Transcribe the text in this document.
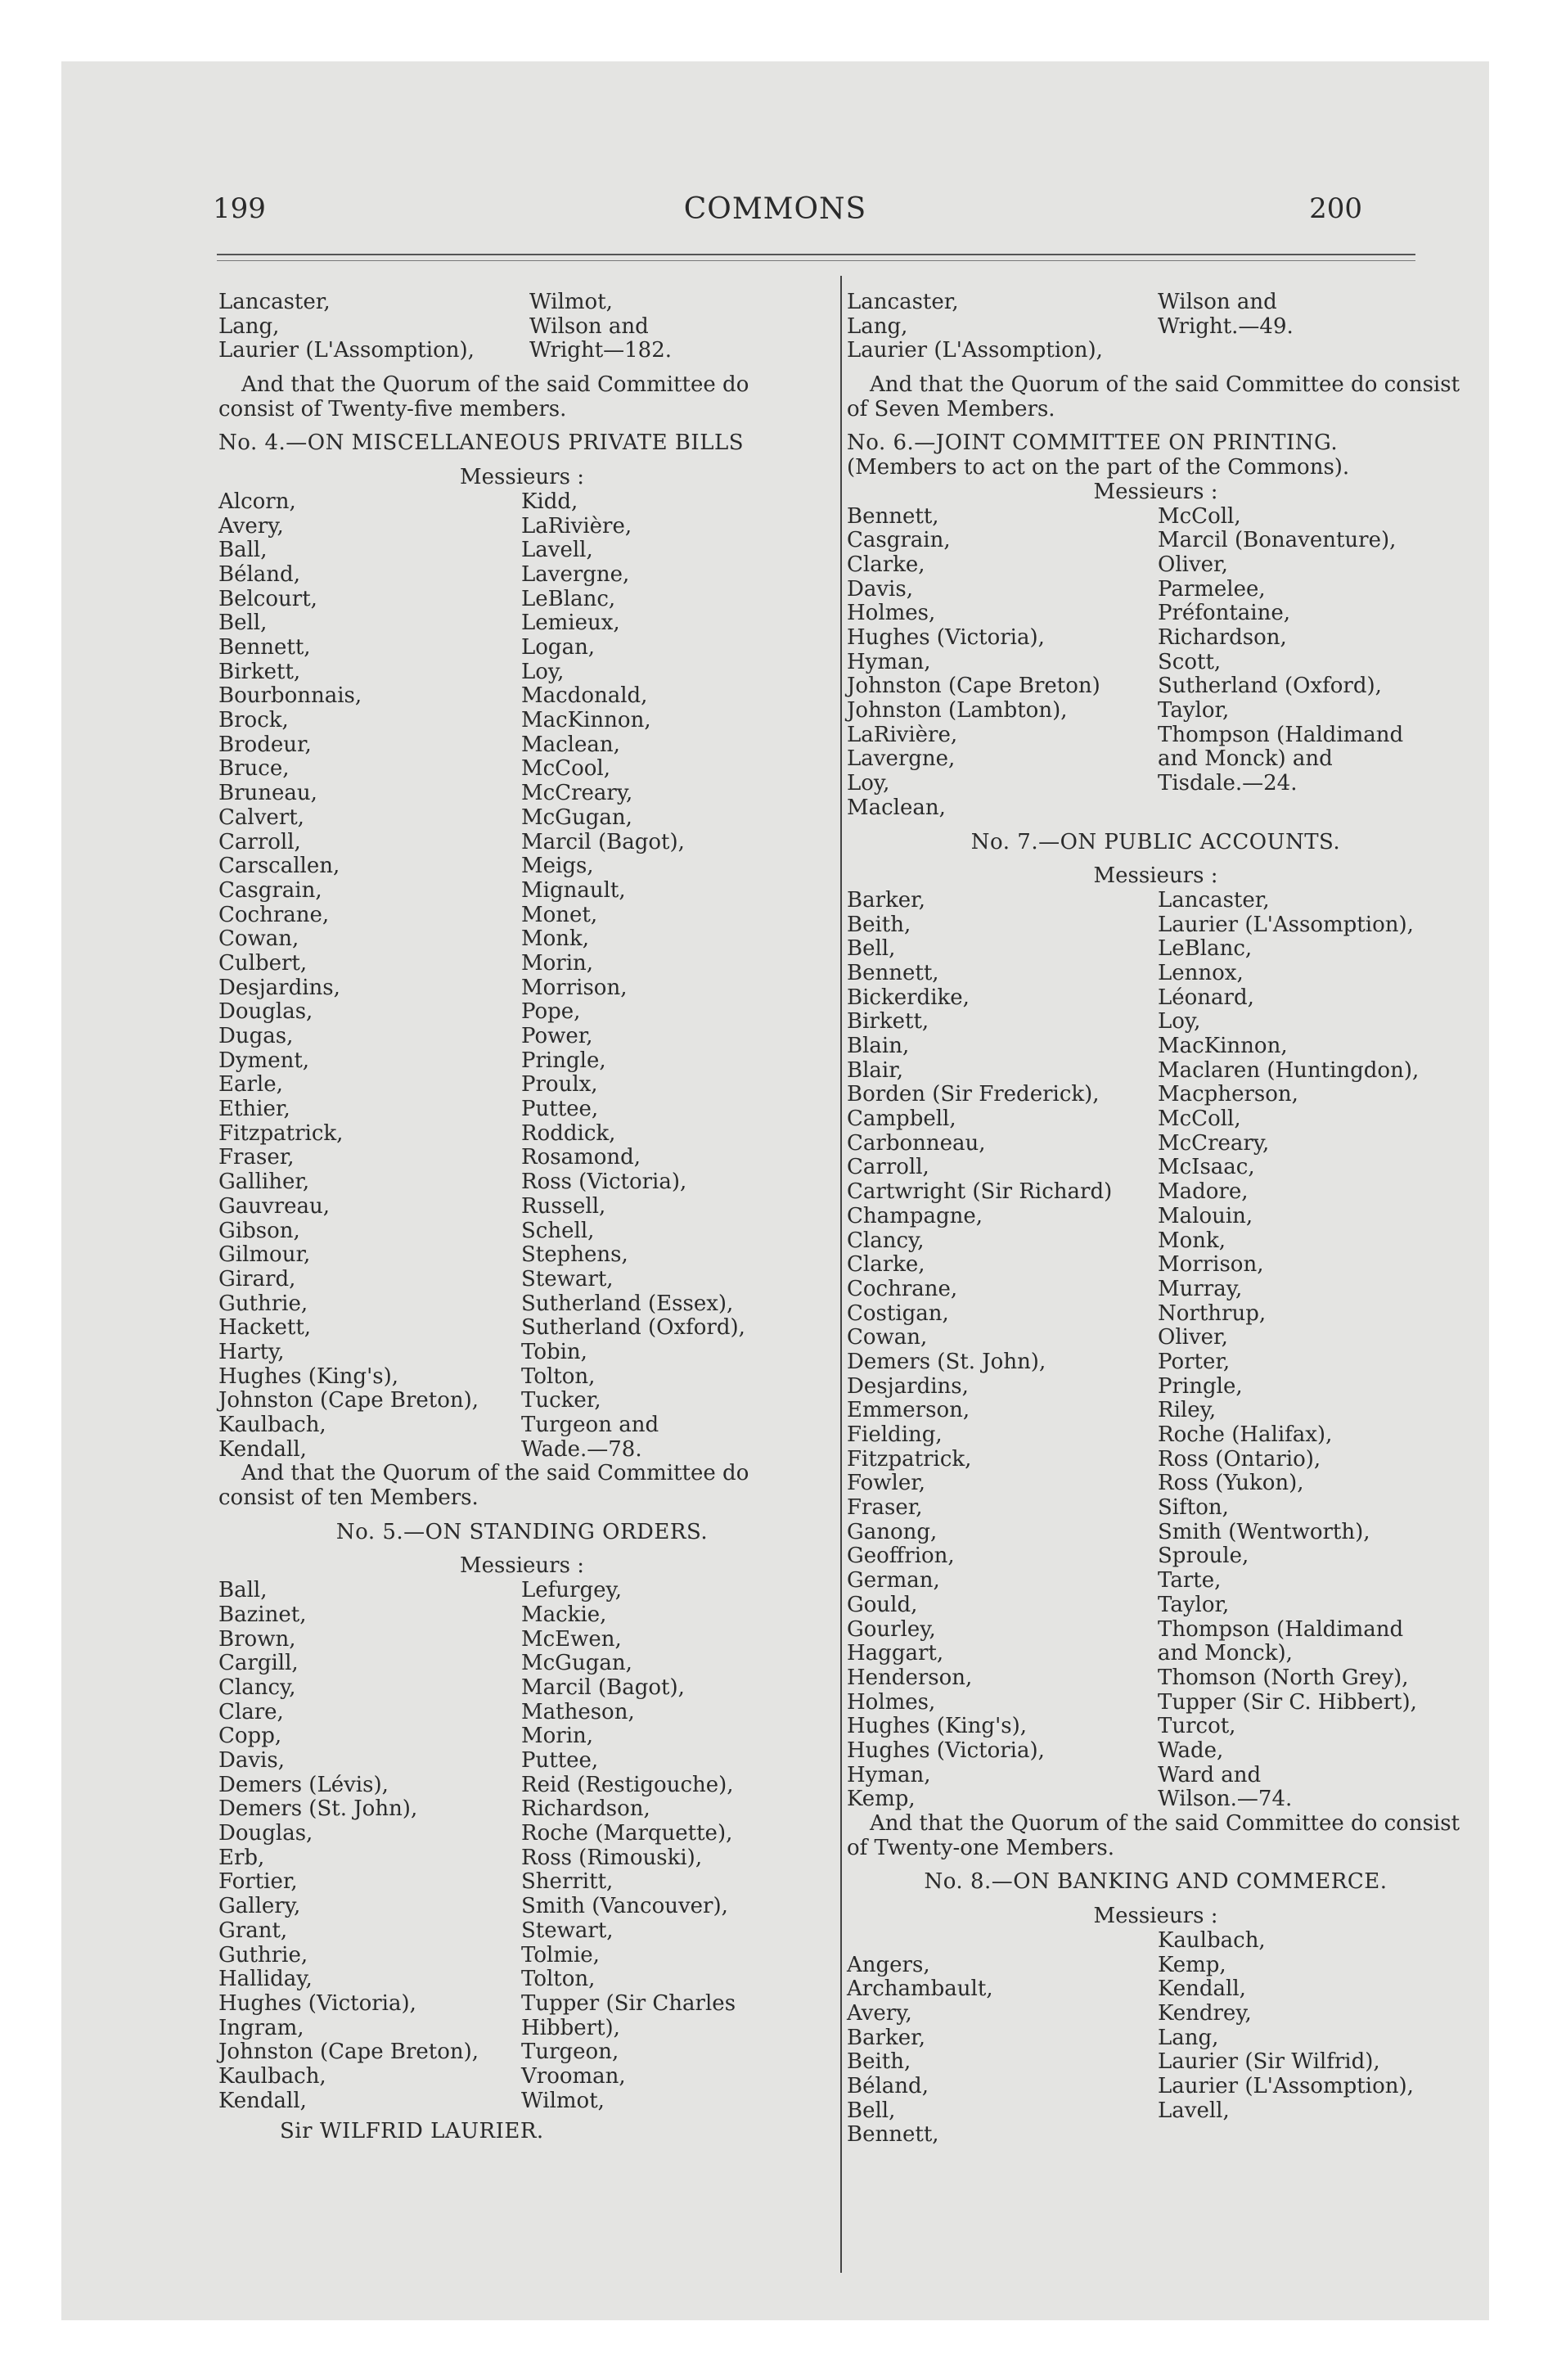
199	COMMONS	200
Lancaster,
Lang,
Laurier (L'Assomption),
Wilmot,
Wilson and
Wright—182.
And that the Quorum of the said Committee do consist of Twenty-five members.
No. 4.—ON MISCELLANEOUS PRIVATE BILLS
Messieurs :
Alcorn,
Avery,
Ball,
Béland,
Belcourt,
Bell,
Bennett,
Birkett,
Bourbonnais,
Brock,
Brodeur,
Bruce,
Bruneau,
Calvert,
Carroll,
Carscallen,
Casgrain,
Cochrane,
Cowan,
Culbert,
Desjardins,
Douglas,
Dugas,
Dyment,
Earle,
Ethier,
Fitzpatrick,
Fraser,
Galliher,
Gauvreau,
Gibson,
Gilmour,
Girard,
Guthrie,
Hackett,
Harty,
Hughes (King's),
Johnston (Cape Breton),
Kaulbach,
Kendall,
Kidd,
LaRivière,
Lavell,
Lavergne,
LeBlanc,
Lemieux,
Logan,
Loy,
Macdonald,
MacKinnon,
Maclean,
McCool,
McCreary,
McGugan,
Marcil (Bagot),
Meigs,
Mignault,
Monet,
Monk,
Morin,
Morrison,
Pope,
Power,
Pringle,
Proulx,
Puttee,
Roddick,
Rosamond,
Ross (Victoria),
Russell,
Schell,
Stephens,
Stewart,
Sutherland (Essex),
Sutherland (Oxford),
Tobin,
Tolton,
Tucker,
Turgeon and
Wade.—78.
And that the Quorum of the said Committee do consist of ten Members.
No. 5.—ON STANDING ORDERS.
Messieurs :
Ball,
Bazinet,
Brown,
Cargill,
Clancy,
Clare,
Copp,
Davis,
Demers (Lévis),
Demers (St. John),
Douglas,
Erb,
Fortier,
Gallery,
Grant,
Guthrie,
Halliday,
Hughes (Victoria),
Ingram,
Johnston (Cape Breton),
Kaulbach,
Kendall,
Lefurgey,
Mackie,
McEwen,
McGugan,
Marcil (Bagot),
Matheson,
Morin,
Puttee,
Reid (Restigouche),
Richardson,
Roche (Marquette),
Ross (Rimouski),
Sherritt,
Smith (Vancouver),
Stewart,
Tolmie,
Tolton,
Tupper (Sir Charles
Hibbert),
Turgeon,
Vrooman,
Wilmot,
Sir WILFRID LAURIER.
Lancaster,
Lang,
Laurier (L'Assomption),
Wilson and
Wright.—49.
And that the Quorum of the said Committee do consist of Seven Members.
No. 6.—JOINT COMMITTEE ON PRINTING.
(Members to act on the part of the Commons).
Messieurs :
Bennett,
Casgrain,
Clarke,
Davis,
Holmes,
Hughes (Victoria),
Hyman,
Johnston (Cape Breton)
Johnston (Lambton),
LaRivière,
Lavergne,
Loy,
Maclean,
McColl,
Marcil (Bonaventure),
Oliver,
Parmelee,
Préfontaine,
Richardson,
Scott,
Sutherland (Oxford),
Taylor,
Thompson (Haldimand
and Monck) and
Tisdale.—24.
No. 7.—ON PUBLIC ACCOUNTS.
Messieurs :
Barker,
Beith,
Bell,
Bennett,
Bickerdike,
Birkett,
Blain,
Blair,
Borden (Sir Frederick),
Campbell,
Carbonneau,
Carroll,
Cartwright (Sir Richard)
Champagne,
Clancy,
Clarke,
Cochrane,
Costigan,
Cowan,
Demers (St. John),
Desjardins,
Emmerson,
Fielding,
Fitzpatrick,
Fowler,
Fraser,
Ganong,
Geoffrion,
German,
Gould,
Gourley,
Haggart,
Henderson,
Holmes,
Hughes (King's),
Hughes (Victoria),
Hyman,
Kemp,
Lancaster,
Laurier (L'Assomption),
LeBlanc,
Lennox,
Léonard,
Loy,
MacKinnon,
Maclaren (Huntingdon),
Macpherson,
McColl,
McCreary,
McIsaac,
Madore,
Malouin,
Monk,
Morrison,
Murray,
Northrup,
Oliver,
Porter,
Pringle,
Riley,
Roche (Halifax),
Ross (Ontario),
Ross (Yukon),
Sifton,
Smith (Wentworth),
Sproule,
Tarte,
Taylor,
Thompson (Haldimand
and Monck),
Thomson (North Grey),
Tupper (Sir C. Hibbert),
Turcot,
Wade,
Ward and
Wilson.—74.
And that the Quorum of the said Committee do consist of Twenty-one Members.
No. 8.—ON BANKING AND COMMERCE.
Messieurs :
Angers,
Archambault,
Avery,
Barker,
Beith,
Béland,
Bell,
Bennett,
Kaulbach,
Kemp,
Kendall,
Kendrey,
Lang,
Laurier (Sir Wilfrid),
Laurier (L'Assomption),
Lavell,
